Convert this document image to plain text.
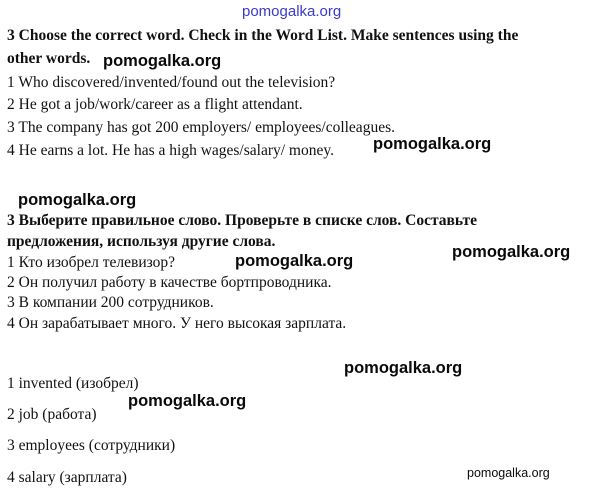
pomogalka.org
pomogalka.org
pomogalka.org
pomogalka.org
pomogalka.org	pomogalka.org
pomogalka.org
pomogalka.org
pomogalka.org
3 Choose the correct word. Check in the Word List. Make sentences using the
other words.
1 Who discovered/invented/found out the television?
2 He got a job/work/career as a flight attendant.
3 The company has got 200 employers/ employees/colleagues.
4 He earns a lot. He has a high wages/salary/ money.
3 Выберите правильное слово. Проверьте в списке слов. Составьте
предложения, используя другие слова.
1 Кто изобрел телевизор?
2 Он получил работу в качестве бортпроводника.
3 В компании 200 сотрудников.
4 Он зарабатывает много. У него высокая зарплата.
1 invented (изобрел)
2 job (работа)
3 employees (сотрудники)
4 salary (зарплата)
